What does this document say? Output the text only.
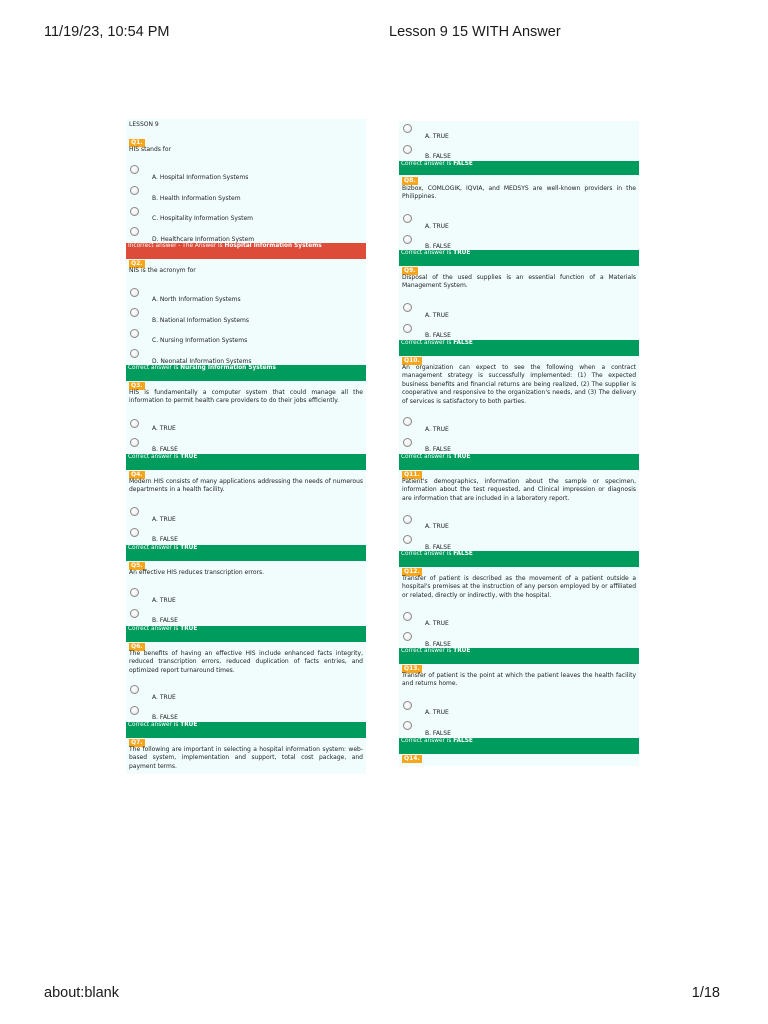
11/19/23, 10:54 PM	Lesson 9 15 WITH Answer
LESSON 9
Q1.
HIS stands for
A. Hospital Information Systems
B. Health Information System
C. Hospitality Information System
D. Healthcare Information System
Incorrect answer - The Answer is Hospital Information Systems
Q2.
NIS is the acronym for
A. North Information Systems
B. National Information Systems
C. Nursing Information Systems
D. Neonatal Information Systems
Correct answer is Nursing Information Systems
Q3.
HIS is fundamentally a computer system that could manage all the information to permit health care providers to do their jobs efficiently.
A. TRUE
B. FALSE
Correct answer is TRUE
Q4.
Modern HIS consists of many applications addressing the needs of numerous departments in a health facility.
A. TRUE
B. FALSE
Correct answer is TRUE
Q5.
An effective HIS reduces transcription errors.
A. TRUE
B. FALSE
Correct answer is TRUE
Q6.
The benefits of having an effective HIS include enhanced facts integrity, reduced transcription errors, reduced duplication of facts entries, and optimized report turnaround times.
A. TRUE
B. FALSE
Correct answer is TRUE
Q7.
The following are important in selecting a hospital information system: web-based system, implementation and support, total cost package, and payment terms.
A. TRUE
B. FALSE
Correct answer is FALSE
Q8.
Bizbox, COMLOGIK, IQVIA, and MEDSYS are well-known providers in the Philippines.
A. TRUE
B. FALSE
Correct answer is TRUE
Q9.
Disposal of the used supplies is an essential function of a Materials Management System.
A. TRUE
B. FALSE
Correct answer is FALSE
Q10.
An organization can expect to see the following when a contract management strategy is successfully implemented: (1) The expected business benefits and financial returns are being realized, (2) The supplier is cooperative and responsive to the organization's needs, and (3) The delivery of services is satisfactory to both parties.
A. TRUE
B. FALSE
Correct answer is TRUE
Q11.
Patient's demographics, information about the sample or specimen, information about the test requested, and Clinical impression or diagnosis are information that are included in a laboratory report.
A. TRUE
B. FALSE
Correct answer is FALSE
Q12.
Transfer of patient is described as the movement of a patient outside a hospital's premises at the instruction of any person employed by or affiliated or related, directly or indirectly, with the hospital.
A. TRUE
B. FALSE
Correct answer is TRUE
Q13.
Transfer of patient is the point at which the patient leaves the health facility and returns home.
A. TRUE
B. FALSE
Correct answer is FALSE
Q14.
about:blank	1/18
